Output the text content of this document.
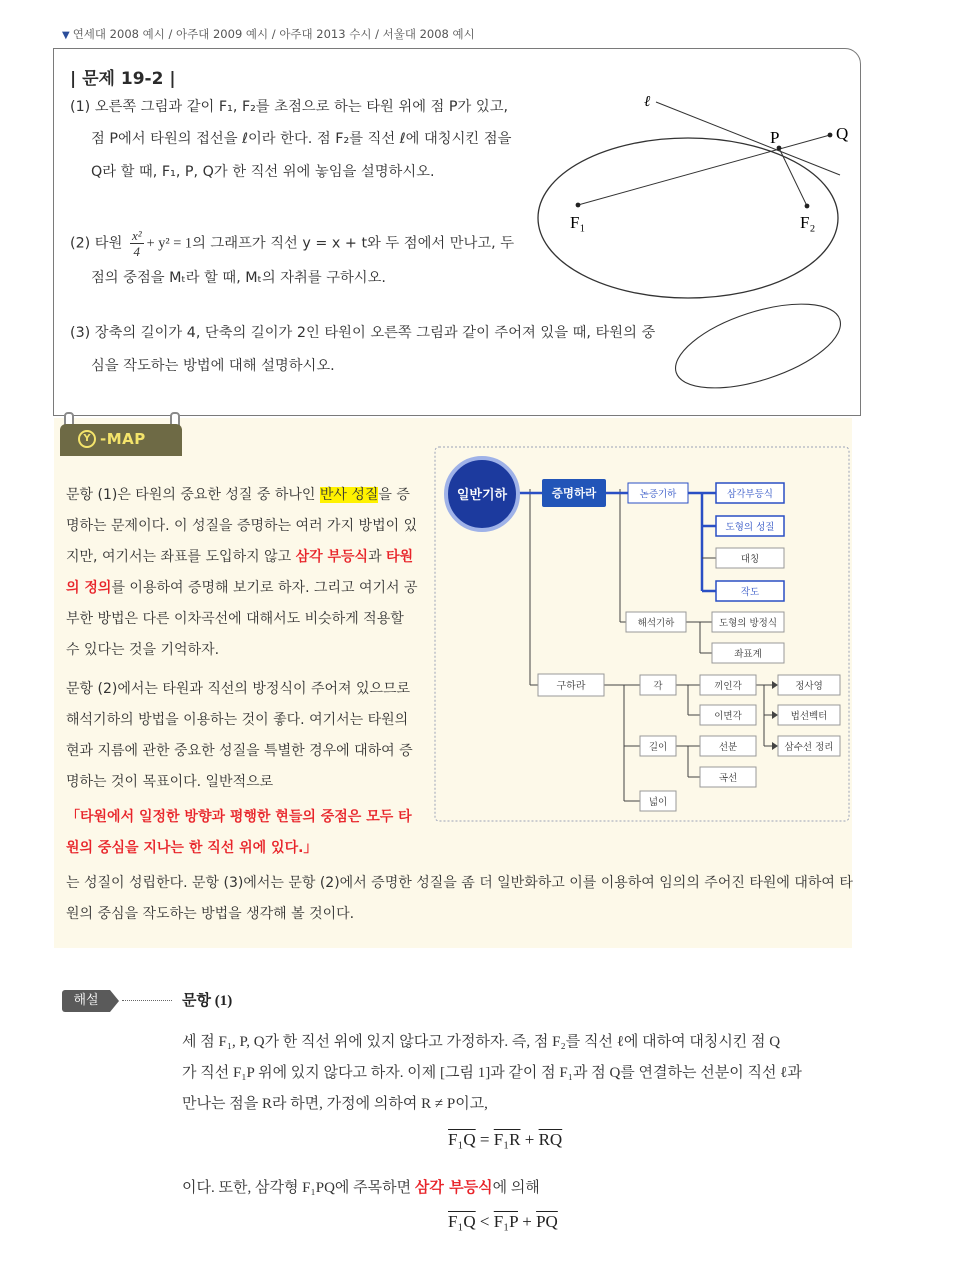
▼ 연세대 2008 예시 / 아주대 2009 예시 / 아주대 2013 수시 / 서울대 2008 예시
| 문제 19-2 |
(1) 오른쪽 그림과 같이 F₁, F₂를 초점으로 하는 타원 위에 점 P가 있고,
점 P에서 타원의 접선을 ℓ이라 한다. 점 F₂를 직선 ℓ에 대칭시킨 점을
Q라 할 때, F₁, P, Q가 한 직선 위에 놓임을 설명하시오.
(2) 타원 $\frac{\text{x²}}{4} + y^2 = 1$의 그래프가 직선 y = x + t와 두 점에서 만나고, 두
점의 중점을 Mₜ라 할 때, Mₜ의 자취를 구하시오.
(3) 장축의 길이가 4, 단축의 길이가 2인 타원이 오른쪽 그림과 같이 주어져 있을 때, 타원의 중
심을 작도하는 방법에 대해 설명하시오.
ℓ
P	Q
F₁	F₂
Y -MAP
문항 (1)은 타원의 중요한 성질 중 하나인 반사 성질을 증명하는 문제이다. 이 성질을 증명하는 여러 가지 방법이 있지만, 여기서는 좌표를 도입하지 않고 삼각 부등식과 타원의 정의를 이용하여 증명해 보기로 하자. 그리고 여기서 공부한 방법은 다른 이차곡선에 대해서도 비슷하게 적용할 수 있다는 것을 기억하자.
문항 (2)에서는 타원과 직선의 방정식이 주어져 있으므로 해석기하의 방법을 이용하는 것이 좋다. 여기서는 타원의 현과 지름에 관한 중요한 성질을 특별한 경우에 대하여 증명하는 것이 목표이다. 일반적으로
「타원에서 일정한 방향과 평행한 현들의 중점은 모두 타원의 중심을 지나는 한 직선 위에 있다.」
는 성질이 성립한다. 문항 (3)에서는 문항 (2)에서 증명한 성질을 좀 더 일반화하고 이를 이용하여 임의의 주어진 타원에 대하여 타원의 중심을 작도하는 방법을 생각해 볼 것이다.
일반기하	증명하라	논증기하	삼각부등식
도형의 성질
대칭
작도
해석기하	도형의 방정식
좌표계
구하라	각
길이
넓이
끼인각
이면각
선분
곡선
정사영
법선벡터
삼수선 정리
해설	문항 (1)
세 점 F₁, P, Q가 한 직선 위에 있지 않다고 가정하자. 즉, 점 F₂를 직선 ℓ에 대하여 대칭시킨 점 Q
가 직선 F₁P 위에 있지 않다고 하자. 이제 [그림 1]과 같이 점 F₁과 점 Q를 연결하는 선분이 직선 ℓ과
만나는 점을 R라 하면, 가정에 의하여 R ≠ P이고,
$F_1Q = F_1R + \overline{RQ}$
이다. 또한, 삼각형 F₁PQ에 주목하면 삼각 부등식에 의해
$F_1Q < F_1P + \overline{PQ}$
